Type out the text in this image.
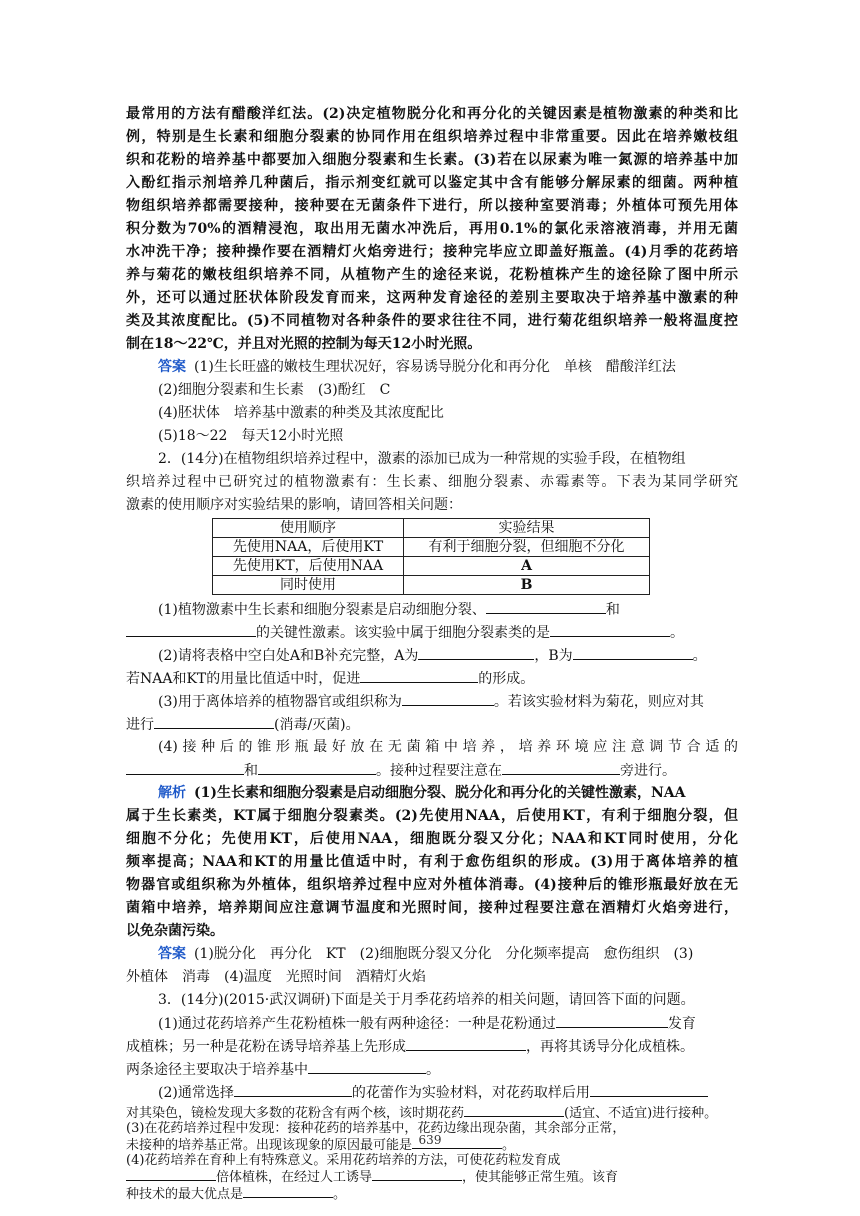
最常用的方法有醋酸洋红法。(2)决定植物脱分化和再分化的关键因素是植物激素的种类和比
例，特别是生长素和细胞分裂素的协同作用在组织培养过程中非常重要。因此在培养嫩枝组
织和花粉的培养基中都要加入细胞分裂素和生长素。(3)若在以尿素为唯一氮源的培养基中加
入酚红指示剂培养几种菌后，指示剂变红就可以鉴定其中含有能够分解尿素的细菌。两种植
物组织培养都需要接种，接种要在无菌条件下进行，所以接种室要消毒；外植体可预先用体
积分数为70%的酒精浸泡，取出用无菌水冲洗后，再用0.1%的氯化汞溶液消毒，并用无菌
水冲洗干净；接种操作要在酒精灯火焰旁进行；接种完毕应立即盖好瓶盖。(4)月季的花药培
养与菊花的嫩枝组织培养不同，从植物产生的途径来说，花粉植株产生的途径除了图中所示
外，还可以通过胚状体阶段发育而来，这两种发育途径的差别主要取决于培养基中激素的种
类及其浓度配比。(5)不同植物对各种条件的要求往往不同，进行菊花组织培养一般将温度控
制在18～22℃，并且对光照的控制为每天12小时光照。
答案 (1)生长旺盛的嫩枝生理状况好，容易诱导脱分化和再分化　单核　醋酸洋红法
(2)细胞分裂素和生长素　(3)酚红　C
(4)胚状体　培养基中激素的种类及其浓度配比
(5)18～22　每天12小时光照
2．(14分)在植物组织培养过程中，激素的添加已成为一种常规的实验手段，在植物组
织培养过程中已研究过的植物激素有：生长素、细胞分裂素、赤霉素等。下表为某同学研究
激素的使用顺序对实验结果的影响，请回答相关问题：
使用顺序	实验结果
先使用NAA，后使用KT	有利于细胞分裂，但细胞不分化
先使用KT，后使用NAA	A
同时使用	B
(1)植物激素中生长素和细胞分裂素是启动细胞分裂、	和
的关键性激素。该实验中属于细胞分裂素类的是	。
(2)请将表格中空白处A和B补充完整，A为	，B为	。
若NAA和KT的用量比值适中时，促进	的形成。
(3)用于离体培养的植物器官或组织称为	。若该实验材料为菊花，则应对其
进行	(消毒/灭菌)。
(4)接种后的锥形瓶最好放在无菌箱中培养，培养环境应注意调节合适的
和	。接种过程要注意在	旁进行。
解析 (1)生长素和细胞分裂素是启动细胞分裂、脱分化和再分化的关键性激素，NAA
属于生长素类，KT属于细胞分裂素类。(2)先使用NAA，后使用KT，有利于细胞分裂，但
细胞不分化；先使用KT，后使用NAA，细胞既分裂又分化；NAA和KT同时使用，分化
频率提高；NAA和KT的用量比值适中时，有利于愈伤组织的形成。(3)用于离体培养的植
物器官或组织称为外植体，组织培养过程中应对外植体消毒。(4)接种后的锥形瓶最好放在无
菌箱中培养，培养期间应注意调节温度和光照时间，接种过程要注意在酒精灯火焰旁进行，
以免杂菌污染。
答案 (1)脱分化　再分化　KT　(2)细胞既分裂又分化　分化频率提高　愈伤组织　(3)
外植体　消毒　(4)温度　光照时间　酒精灯火焰
3．(14分)(2015·武汉调研)下面是关于月季花药培养的相关问题，请回答下面的问题。
(1)通过花药培养产生花粉植株一般有两种途径：一种是花粉通过	发育
成植株；另一种是花粉在诱导培养基上先形成	，再将其诱导分化成植株。
两条途径主要取决于培养基中	。
(2)通常选择	的花蕾作为实验材料，对花药取样后用
639
对其染色，镜检发现大多数的花粉含有两个核，该时期花药	(适宜、不适宜)进行接种。
(3)在花药培养过程中发现：接种花药的培养基中，花药边缘出现杂菌，其余部分正常，
未接种的培养基正常。出现该现象的原因最可能是	。
(4)花药培养在育种上有特殊意义。采用花药培养的方法，可使花药粒发育成
倍体植株，在经过人工诱导	，使其能够正常生殖。该育
种技术的最大优点是	。
